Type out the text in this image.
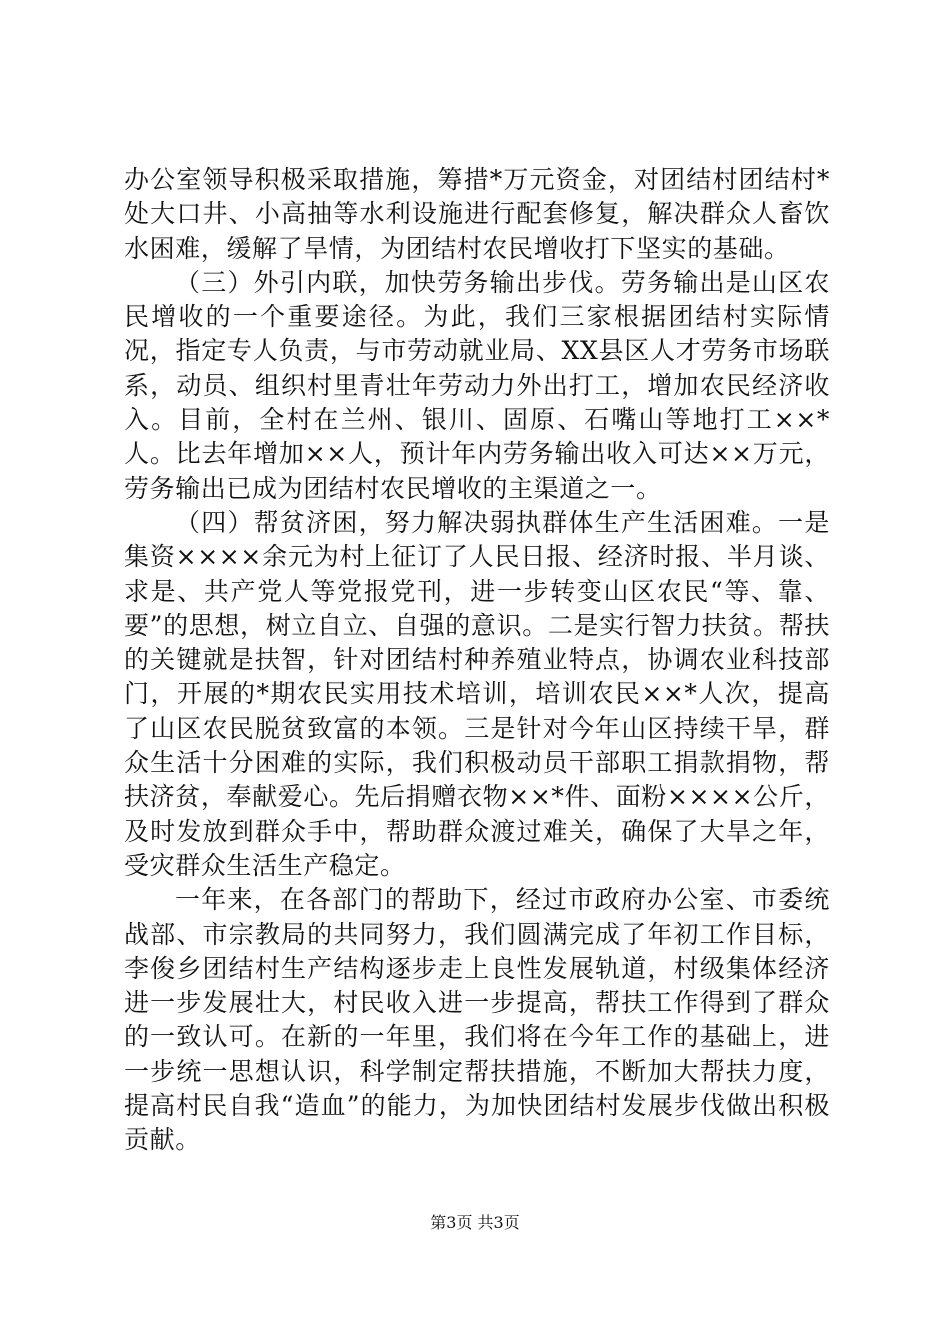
办公室领导积极采取措施，筹措*万元资金，对团结村团结村*处大口井、小高抽等水利设施进行配套修复，解决群众人畜饮水困难，缓解了旱情，为团结村农民增收打下坚实的基础。

（三）外引内联，加快劳务输出步伐。劳务输出是山区农民增收的一个重要途径。为此，我们三家根据团结村实际情况，指定专人负责，与市劳动就业局、XX县区人才劳务市场联系，动员、组织村里青壮年劳动力外出打工，增加农民经济收入。目前，全村在兰州、银川、固原、石嘴山等地打工××*人。比去年增加××人，预计年内劳务输出收入可达××万元，劳务输出已成为团结村农民增收的主渠道之一。

（四）帮贫济困，努力解决弱执群体生产生活困难。一是集资××××余元为村上征订了人民日报、经济时报、半月谈、求是、共产党人等党报党刊，进一步转变山区农民“等、靠、要”的思想，树立自立、自强的意识。二是实行智力扶贫。帮扶的关键就是扶智，针对团结村种养殖业特点，协调农业科技部门，开展的*期农民实用技术培训，培训农民××*人次，提高了山区农民脱贫致富的本领。三是针对今年山区持续干旱，群众生活十分困难的实际，我们积极动员干部职工捐款捐物，帮扶济贫，奉献爱心。先后捐赠衣物××*件、面粉××××公斤，及时发放到群众手中，帮助群众渡过难关，确保了大旱之年，受灾群众生活生产稳定。

一年来，在各部门的帮助下，经过市政府办公室、市委统战部、市宗教局的共同努力，我们圆满完成了年初工作目标，李俊乡团结村生产结构逐步走上良性发展轨道，村级集体经济进一步发展壮大，村民收入进一步提高，帮扶工作得到了群众的一致认可。在新的一年里，我们将在今年工作的基础上，进一步统一思想认识，科学制定帮扶措施，不断加大帮扶力度，提高村民自我“造血”的能力，为加快团结村发展步伐做出积极贡献。

第3页 共3页
